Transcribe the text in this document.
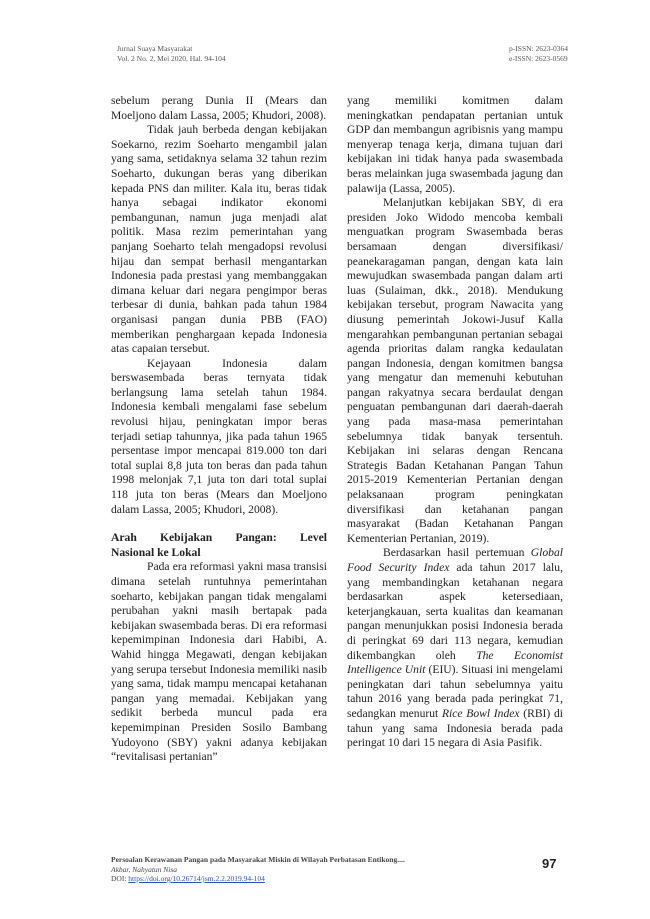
Jurnal Suaya Masyarakat
Vol. 2 No. 2, Mei 2020, Hal. 94-104
p-ISSN: 2623-0364
e-ISSN: 2623-0569

sebelum perang Dunia II (Mears dan Moeljono dalam Lassa, 2005; Khudori, 2008).

Tidak jauh berbeda dengan kebijakan Soekarno, rezim Soeharto mengambil jalan yang sama, setidaknya selama 32 tahun rezim Soeharto, dukungan beras yang diberikan kepada PNS dan militer. Kala itu, beras tidak hanya sebagai indikator ekonomi pembangunan, namun juga menjadi alat politik. Masa rezim pemerintahan yang panjang Soeharto telah mengadopsi revolusi hijau dan sempat berhasil mengantarkan Indonesia pada prestasi yang membanggakan dimana keluar dari negara pengimpor beras terbesar di dunia, bahkan pada tahun 1984 organisasi pangan dunia PBB (FAO) memberikan penghargaan kepada Indonesia atas capaian tersebut.

Kejayaan Indonesia dalam berswasembada beras ternyata tidak berlangsung lama setelah tahun 1984. Indonesia kembali mengalami fase sebelum revolusi hijau, peningkatan impor beras terjadi setiap tahunnya, jika pada tahun 1965 persentase impor mencapai 819.000 ton dari total suplai 8,8 juta ton beras dan pada tahun 1998 melonjak 7,1 juta ton dari total suplai 118 juta ton beras (Mears dan Moeljono dalam Lassa, 2005; Khudori, 2008).

Arah Kebijakan Pangan: Level
Nasional ke Lokal

Pada era reformasi yakni masa transisi dimana setelah runtuhnya pemerintahan soeharto, kebijakan pangan tidak mengalami perubahan yakni masih bertapak pada kebijakan swasembada beras. Di era reformasi kepemimpinan Indonesia dari Habibi, A. Wahid hingga Megawati, dengan kebijakan yang serupa tersebut Indonesia memiliki nasib yang sama, tidak mampu mencapai ketahanan pangan yang memadai. Kebijakan yang sedikit berbeda muncul pada era kepemimpinan Presiden Sosilo Bambang Yudoyono (SBY) yakni adanya kebijakan “revitalisasi pertanian”

yang memiliki komitmen dalam meningkatkan pendapatan pertanian untuk GDP dan membangun agribisnis yang mampu menyerap tenaga kerja, dimana tujuan dari kebijakan ini tidak hanya pada swasembada beras melainkan juga swasembada jagung dan palawija (Lassa, 2005).

Melanjutkan kebijakan SBY, di era presiden Joko Widodo mencoba kembali menguatkan program Swasembada beras bersamaan dengan diversifikasi/ peanekaragaman pangan, dengan kata lain mewujudkan swasembada pangan dalam arti luas (Sulaiman, dkk., 2018). Mendukung kebijakan tersebut, program Nawacita yang diusung pemerintah Jokowi-Jusuf Kalla mengarahkan pembangunan pertanian sebagai agenda prioritas dalam rangka kedaulatan pangan Indonesia, dengan komitmen bangsa yang mengatur dan memenuhi kebutuhan pangan rakyatnya secara berdaulat dengan penguatan pembangunan dari daerah-daerah yang pada masa-masa pemerintahan sebelumnya tidak banyak tersentuh. Kebijakan ini selaras dengan Rencana Strategis Badan Ketahanan Pangan Tahun 2015-2019 Kementerian Pertanian dengan pelaksanaan program peningkatan diversifikasi dan ketahanan pangan masyarakat (Badan Ketahanan Pangan Kementerian Pertanian, 2019).

Berdasarkan hasil pertemuan Global Food Security Index ada tahun 2017 lalu, yang membandingkan ketahanan negara berdasarkan aspek ketersediaan, keterjangkauan, serta kualitas dan keamanan pangan menunjukkan posisi Indonesia berada di peringkat 69 dari 113 negara, kemudian dikembangkan oleh The Economist Intelligence Unit (EIU). Situasi ini mengelami peningkatan dari tahun sebelumnya yaitu tahun 2016 yang berada pada peringkat 71, sedangkan menurut Rice Bowl Index (RBI) di tahun yang sama Indonesia berada pada peringat 10 dari 15 negara di Asia Pasifik.

Persoalan Kerawanan Pangan pada Masyarakat Miskin di Wilayah Perbatasan Entikong....
Akbar, Nahyatun Nisa
DOI: https://doi.org/10.26714/jsm.2.2.2019.94-104
97
